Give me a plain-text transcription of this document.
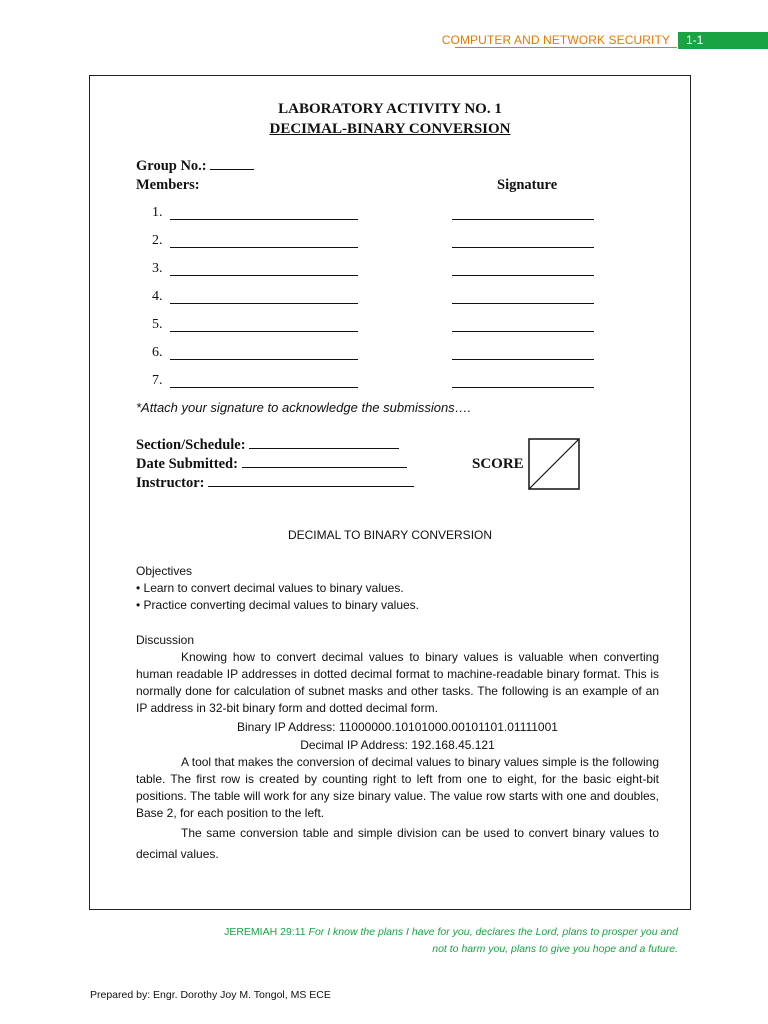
COMPUTER AND NETWORK SECURITY	1-1
LABORATORY ACTIVITY NO. 1
DECIMAL-BINARY CONVERSION
Group No.:
Members:	Signature
1.
2.
3.
4.
5.
6.
7.
*Attach your signature to acknowledge the submissions….
Section/Schedule:
Date Submitted:
Instructor:
SCORE
DECIMAL TO BINARY CONVERSION
Objectives
• Learn to convert decimal values to binary values.
• Practice converting decimal values to binary values.
Discussion
Knowing how to convert decimal values to binary values is valuable when converting human readable IP addresses in dotted decimal format to machine-readable binary format. This is normally done for calculation of subnet masks and other tasks. The following is an example of an IP address in 32-bit binary form and dotted decimal form.
Binary IP Address: 11000000.10101000.00101101.01111001
Decimal IP Address: 192.168.45.121
A tool that makes the conversion of decimal values to binary values simple is the following table. The first row is created by counting right to left from one to eight, for the basic eight-bit positions. The table will work for any size binary value. The value row starts with one and doubles, Base 2, for each position to the left.
The same conversion table and simple division can be used to convert binary values to decimal values.
JEREMIAH 29:11 For I know the plans I have for you, declares the Lord, plans to prosper you and
not to harm you, plans to give you hope and a future.
Prepared by: Engr. Dorothy Joy M. Tongol, MS ECE
